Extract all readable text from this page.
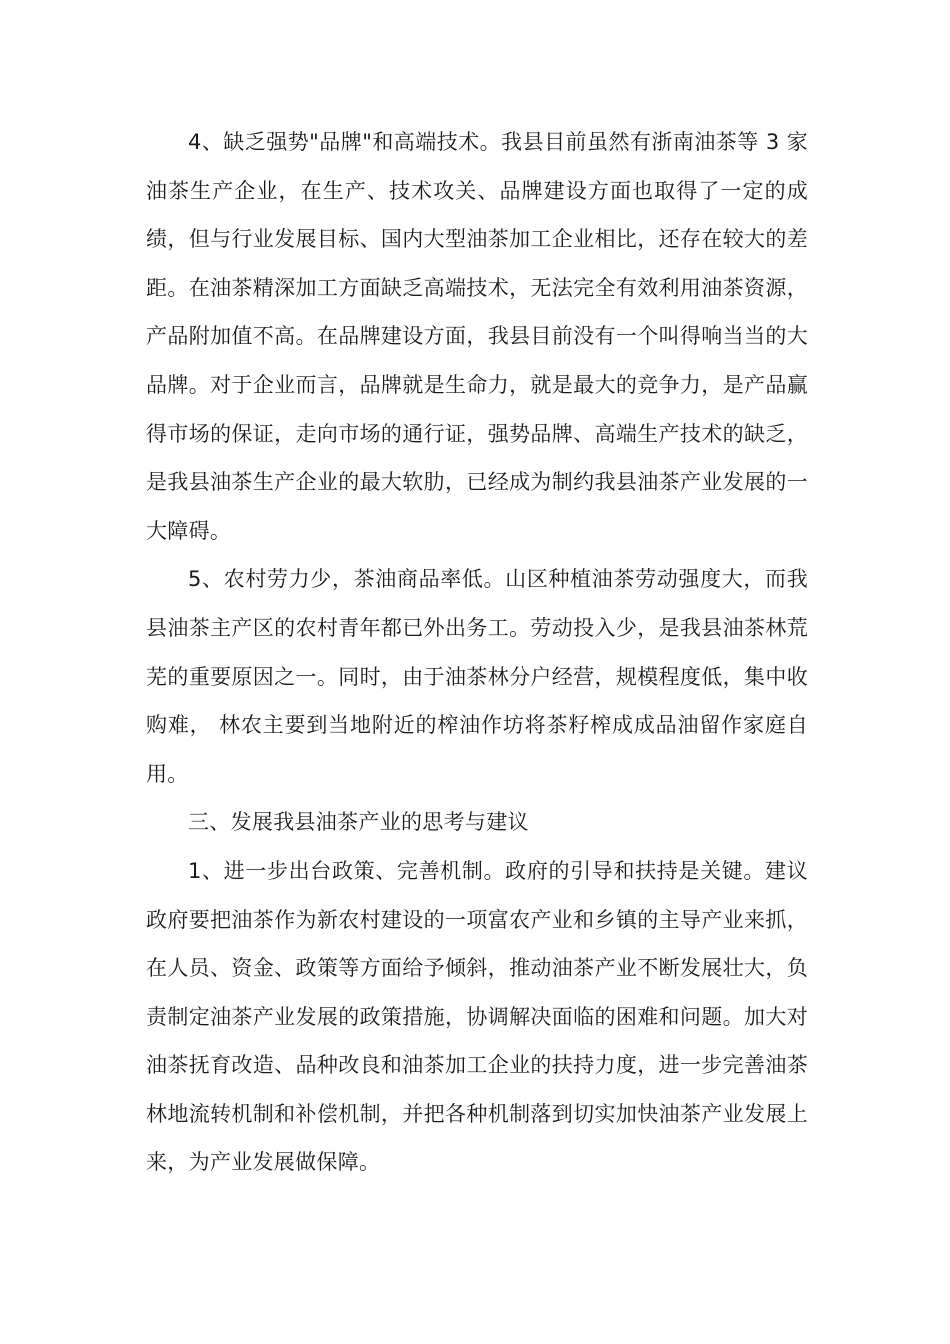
4、缺乏强势"品牌"和高端技术。我县目前虽然有浙南油茶等 3 家油茶生产企业，在生产、技术攻关、品牌建设方面也取得了一定的成绩，但与行业发展目标、国内大型油茶加工企业相比，还存在较大的差距。在油茶精深加工方面缺乏高端技术，无法完全有效利用油茶资源，产品附加值不高。在品牌建设方面，我县目前没有一个叫得响当当的大品牌。对于企业而言，品牌就是生命力，就是最大的竞争力，是产品赢得市场的保证，走向市场的通行证，强势品牌、高端生产技术的缺乏，是我县油茶生产企业的最大软肋，已经成为制约我县油茶产业发展的一大障碍。

5、农村劳力少，茶油商品率低。山区种植油茶劳动强度大，而我县油茶主产区的农村青年都已外出务工。劳动投入少，是我县油茶林荒芜的重要原因之一。同时，由于油茶林分户经营，规模程度低，集中收购难， 林农主要到当地附近的榨油作坊将茶籽榨成成品油留作家庭自用。

三、发展我县油茶产业的思考与建议

1、进一步出台政策、完善机制。政府的引导和扶持是关键。建议政府要把油茶作为新农村建设的一项富农产业和乡镇的主导产业来抓，在人员、资金、政策等方面给予倾斜，推动油茶产业不断发展壮大，负责制定油茶产业发展的政策措施，协调解决面临的困难和问题。加大对油茶抚育改造、品种改良和油茶加工企业的扶持力度，进一步完善油茶林地流转机制和补偿机制，并把各种机制落到切实加快油茶产业发展上来，为产业发展做保障。
